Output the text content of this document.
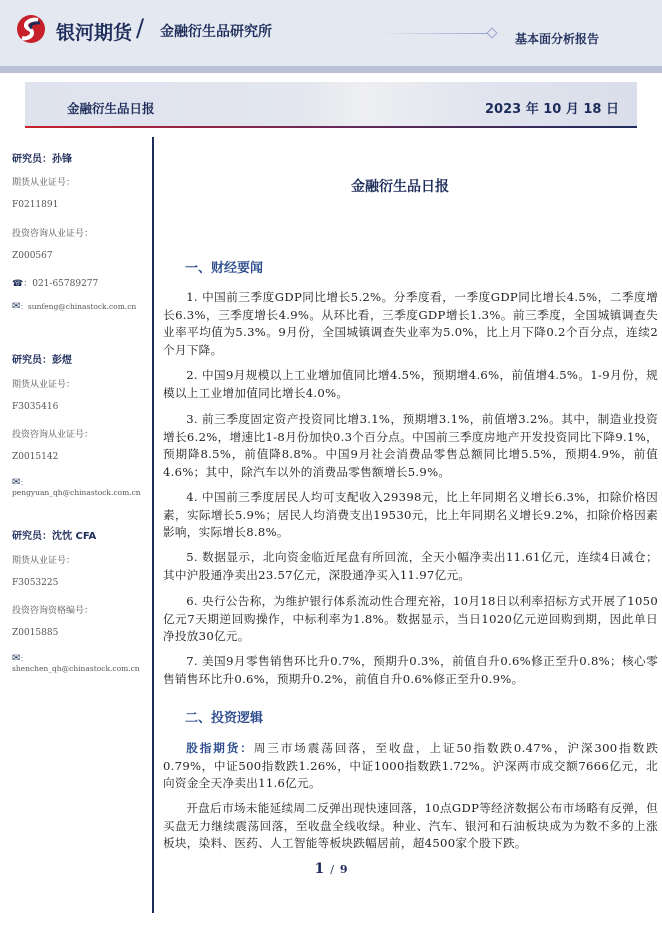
银河期货 / 金融衍生品研究所	基本面分析报告
金融衍生品日报	2023 年 10 月 18 日
研究员：孙锋
期货从业证号：
F0211891
投资咨询从业证号：
Z000567
☎：021-65789277
✉：sunfeng@chinastock.com.cn
研究员：彭煜
期货从业证号：
F3035416
投资咨询从业证号：
Z0015142
✉：pengyuan_qh@chinastock.com.cn
研究员：沈忱 CFA
期货从业证号：
F3053225
投资咨询资格编号：
Z0015885
✉：shenchen_qh@chinastock.com.cn
金融衍生品日报
一、财经要闻

1. 中国前三季度GDP同比增长5.2%。分季度看，一季度GDP同比增长4.5%，二季度增长6.3%，三季度增长4.9%。从环比看，三季度GDP增长1.3%。前三季度，全国城镇调查失业率平均值为5.3%。9月份，全国城镇调查失业率为5.0%，比上月下降0.2个百分点，连续2个月下降。

2. 中国9月规模以上工业增加值同比增4.5%，预期增4.6%，前值增4.5%。1-9月份，规模以上工业增加值同比增长4.0%。

3. 前三季度固定资产投资同比增3.1%，预期增3.1%，前值增3.2%。其中，制造业投资增长6.2%，增速比1-8月份加快0.3个百分点。中国前三季度房地产开发投资同比下降9.1%，预期降8.5%，前值降8.8%。中国9月社会消费品零售总额同比增5.5%，预期4.9%，前值4.6%；其中，除汽车以外的消费品零售额增长5.9%。

4. 中国前三季度居民人均可支配收入29398元，比上年同期名义增长6.3%，扣除价格因素，实际增长5.9%；居民人均消费支出19530元，比上年同期名义增长9.2%，扣除价格因素影响，实际增长8.8%。

5. 数据显示，北向资金临近尾盘有所回流，全天小幅净卖出11.61亿元，连续4日减仓；其中沪股通净卖出23.57亿元，深股通净买入11.97亿元。

6. 央行公告称，为维护银行体系流动性合理充裕，10月18日以利率招标方式开展了1050亿元7天期逆回购操作，中标利率为1.8%。数据显示，当日1020亿元逆回购到期，因此单日净投放30亿元。

7. 美国9月零售销售环比升0.7%，预期升0.3%，前值自升0.6%修正至升0.8%；核心零售销售环比升0.6%，预期升0.2%，前值自升0.6%修正至升0.9%。

二、投资逻辑

股指期货：周三市场震荡回落，至收盘，上证50指数跌0.47%，沪深300指数跌0.79%，中证500指数跌1.26%，中证1000指数跌1.72%。沪深两市成交额7666亿元，北向资金全天净卖出11.6亿元。

开盘后市场未能延续周二反弹出现快速回落，10点GDP等经济数据公布市场略有反弹，但买盘无力继续震荡回落，至收盘全线收绿。种业、汽车、银河和石油板块成为为数不多的上涨板块，染料、医药、人工智能等板块跌幅居前，超4500家个股下跌。

1 / 9
